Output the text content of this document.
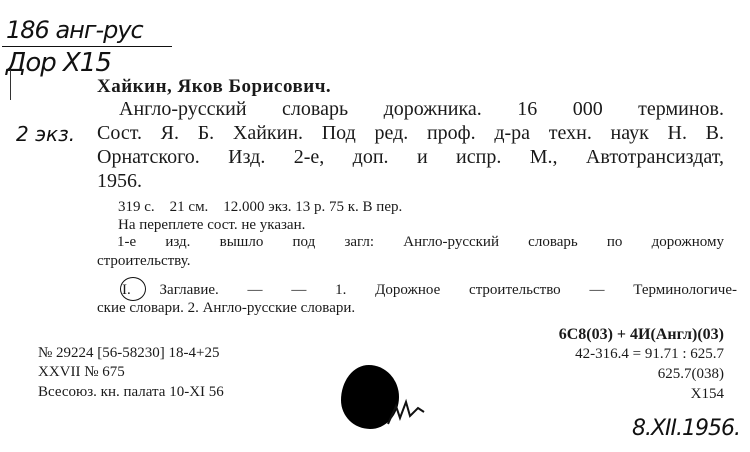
186 анг-рус
Дор Х15
2 экз.
Хайкин, Яков Борисович.

Англо-русский словарь дорожника. 16 000 терминов.

Сост. Я. Б. Хайкин. Под ред. проф. д-ра техн. наук Н. В.

Орнатского. Изд. 2-е, доп. и испр. М., Автотрансиздат,

1956.

319 с.    21 см.    12.000 экз. 13 р. 75 к. В пер.
На переплете сост. не указан.

1-е изд. вышло под загл: Англо-русский словарь по дорожному

строительству.

I. Заглавие. — — 1. Дорожное строительство — Терминологиче-

ские словари. 2. Англо-русские словари.

6С8(03) + 4И(Англ)(03)
42-316.4 = 91.71 : 625.7
625.7(038)
Х154
№ 29224 [56-58230] 18-4+25
XXVII № 675
Всесоюз. кн. палата 10-XI 56
8.XII.1956.
